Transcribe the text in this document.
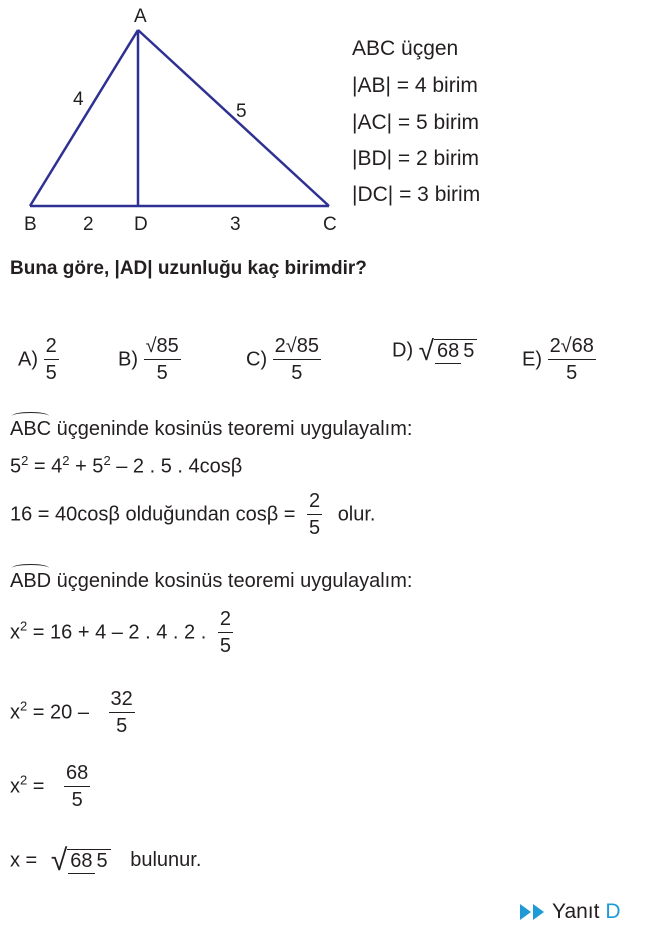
A
B	D	C
4
5
2	3
ABC üçgen
|AB| = 4 birim
|AC| = 5 birim
|BD| = 2 birim
|DC| = 3 birim
Buna göre, |AD| uzunluğu kaç birimdir?
$A) \frac{2}{5}$	$B) \frac{√85}{5}$	$C) \frac{2√85}{5}$	D) √ 68 5 $E) \frac{2√68}{5}$
ABC üçgeninde kosinüs teoremi uygulayalım:
$5^2 = 4^2 + 5^2 - 2$ . 5 . 4cosβ
16 = 40cosβ olduğundan $\cos\beta = \frac{2}{5}$ olur.
ABD üçgeninde kosinüs teoremi uygulayalım:
$x^2 = 16 + 4 - 2$ . 4 . 2 . $\frac{2}{5}$
$x^2 = 20 - \frac{32}{5}$
$x^2 = \frac{68}{5}$
x = √ 68 5 bulunur.
Yanıt D
